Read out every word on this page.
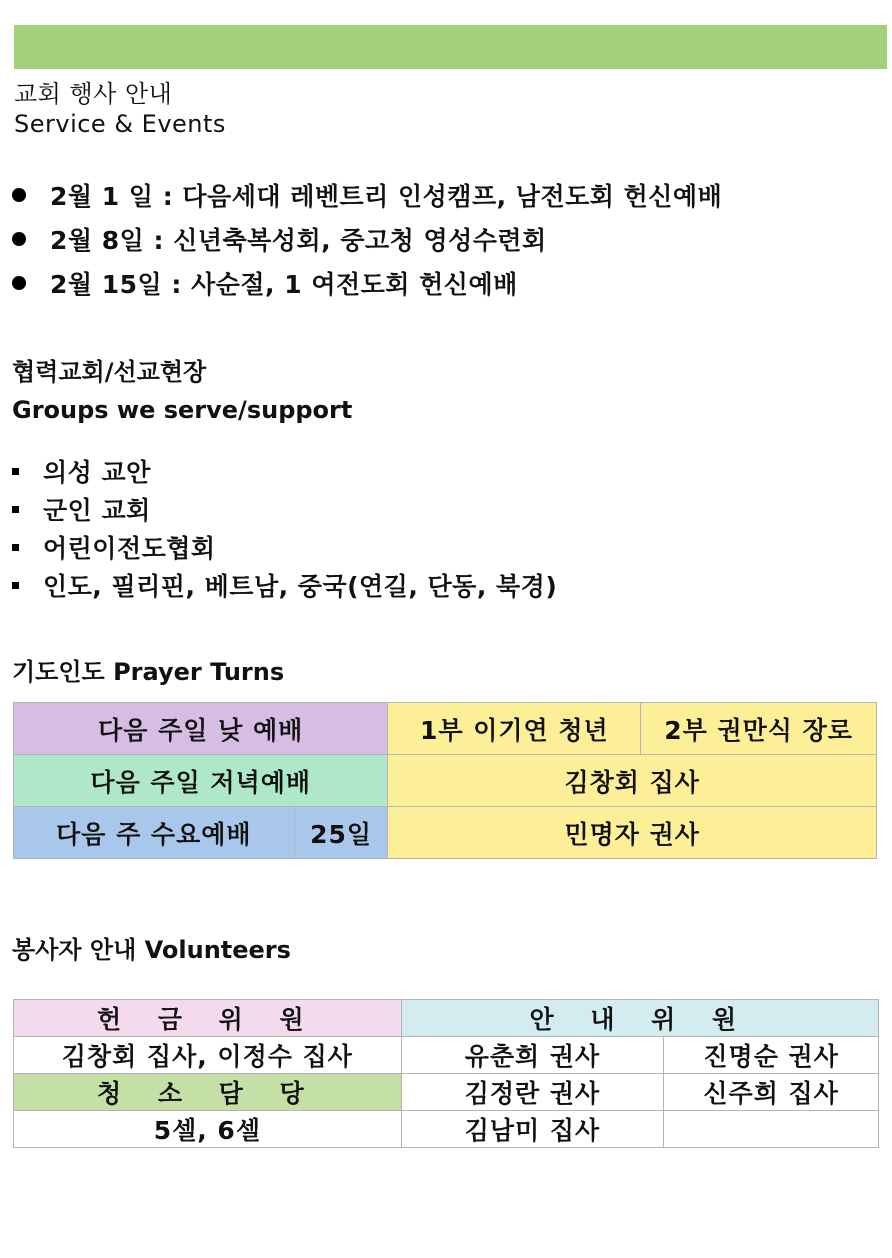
교회 행사 안내
Service & Events
2월 1 일 : 다음세대 레벤트리 인성캠프, 남전도회 헌신예배
2월 8일 : 신년축복성회, 중고청 영성수련회
2월 15일 : 사순절, 1 여전도회 헌신예배
협력교회/선교현장
Groups we serve/support
의성 교안
군인 교회
어린이전도협회
인도, 필리핀, 베트남, 중국(연길, 단동, 북경)
기도인도 Prayer Turns
다음 주일 낮 예배		1부 이기연 청년	2부 권만식 장로
다음 주일 저녁예배		김창회 집사	
다음 주 수요예배	25일	민명자 권사	
봉사자 안내 Volunteers
헌 금 위 원	안 내 위 원	
김창회 집사, 이정수 집사	유춘희 권사	진명순 권사
청 소 담 당	김정란 권사	신주희 집사
5셀, 6셀	김남미 집사	
